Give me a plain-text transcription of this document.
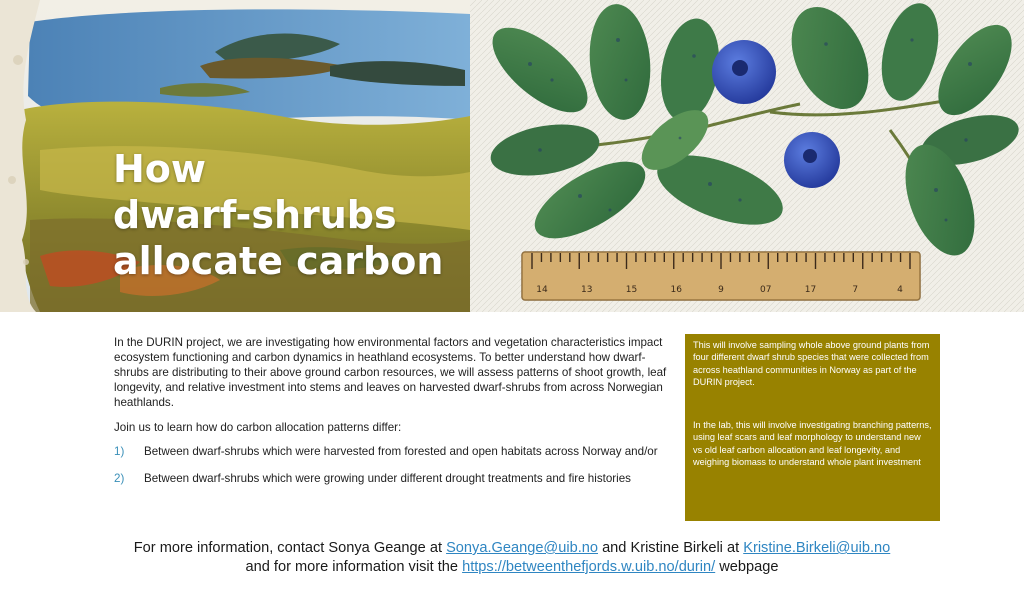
How
dwarf-shrubs
allocate carbon
14	13	15	16	9	07	17	7	4

In the DURIN project, we are investigating how environmental factors and vegetation characteristics impact ecosystem functioning and carbon dynamics in heathland ecosystems. To better understand how dwarf-shrubs are distributing to their above ground carbon resources, we will assess patterns of shoot growth, leaf longevity, and relative investment into stems and leaves on harvested dwarf-shrubs from across Norwegian heathlands.

Join us to learn how do carbon allocation patterns differ:

1) Between dwarf-shrubs which were harvested from forested and open habitats across Norway and/or
2) Between dwarf-shrubs which were growing under different drought treatments and fire histories

This will involve sampling whole above ground plants from four different dwarf shrub species that were collected from across heathland communities in Norway as part of the DURIN project.

In the lab, this will involve investigating branching patterns, using leaf scars and leaf morphology to understand new vs old leaf carbon allocation and leaf longevity, and weighing biomass to understand whole plant investment

For more information, contact Sonya Geange at Sonya.Geange@uib.no and Kristine Birkeli at Kristine.Birkeli@uib.no
and for more information visit the https://betweenthefjords.w.uib.no/durin/ webpage
